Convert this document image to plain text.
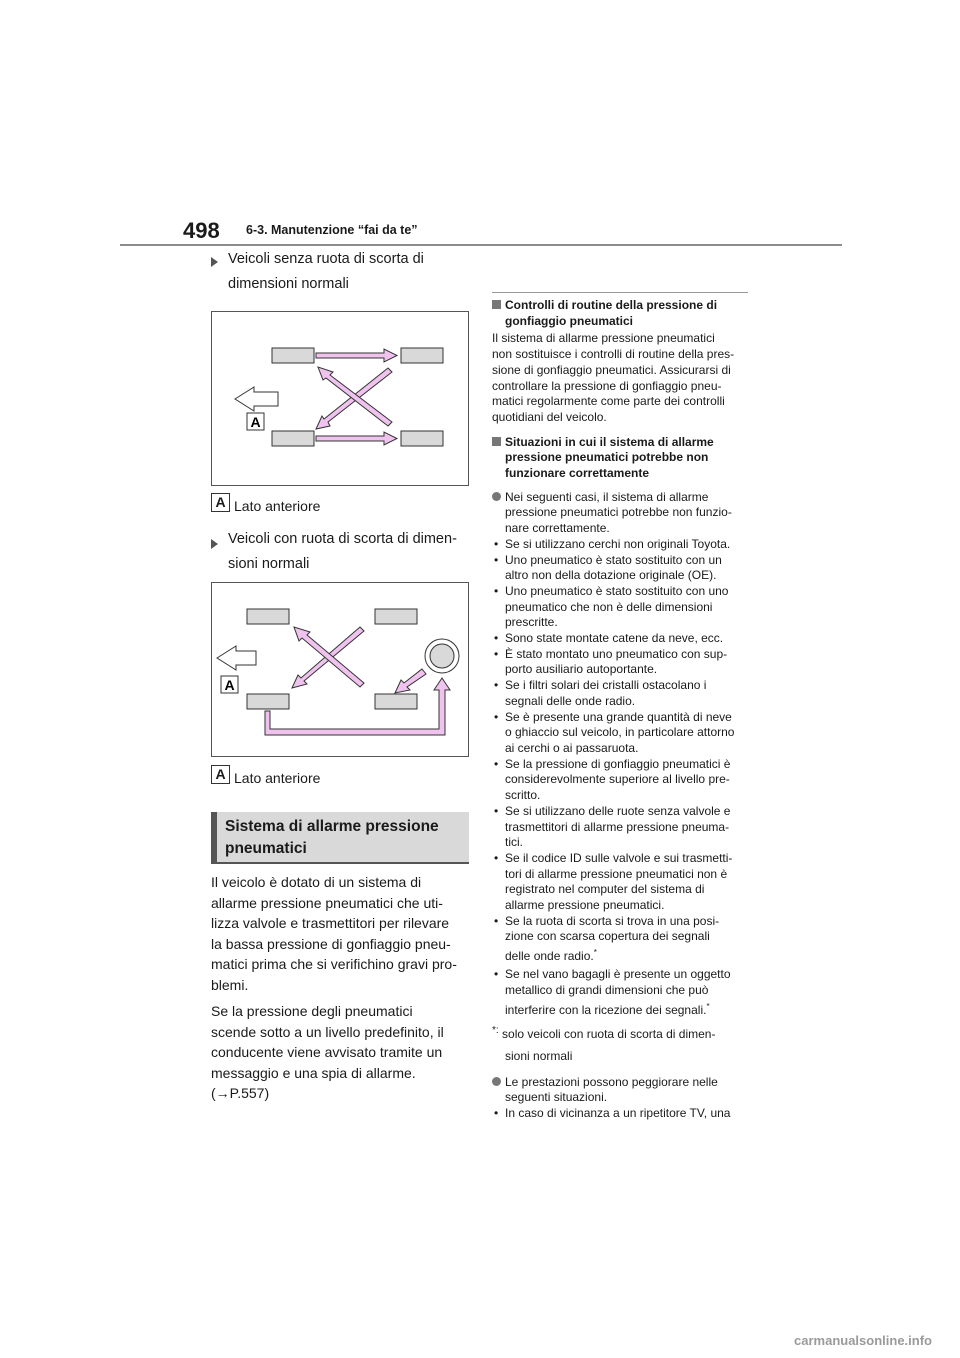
498 6-3. Manutenzione “fai da te”
Veicoli senza ruota di scorta di
dimensioni normali
A
A Lato anteriore
Veicoli con ruota di scorta di dimen-
sioni normali
A
A Lato anteriore
Sistema di allarme pressione
pneumatici

Il veicolo è dotato di un sistema di
allarme pressione pneumatici che uti-
lizza valvole e trasmettitori per rilevare
la bassa pressione di gonfiaggio pneu-
matici prima che si verifichino gravi pro-
blemi.

Se la pressione degli pneumatici
scende sotto a un livello predefinito, il
conducente viene avvisato tramite un
messaggio e una spia di allarme.
(→P.557)

Controlli di routine della pressione di
gonfiaggio pneumatici

Il sistema di allarme pressione pneumatici
non sostituisce i controlli di routine della pres-
sione di gonfiaggio pneumatici. Assicurarsi di
controllare la pressione di gonfiaggio pneu-
matici regolarmente come parte dei controlli
quotidiani del veicolo.

Situazioni in cui il sistema di allarme
pressione pneumatici potrebbe non
funzionare correttamente

Nei seguenti casi, il sistema di allarme
pressione pneumatici potrebbe non funzio-
nare correttamente.

• Se si utilizzano cerchi non originali Toyota.
• Uno pneumatico è stato sostituito con un
altro non della dotazione originale (OE).
• Uno pneumatico è stato sostituito con uno
pneumatico che non è delle dimensioni
prescritte.
• Sono state montate catene da neve, ecc.
• È stato montato uno pneumatico con sup-
porto ausiliario autoportante.
• Se i filtri solari dei cristalli ostacolano i
segnali delle onde radio.
• Se è presente una grande quantità di neve
o ghiaccio sul veicolo, in particolare attorno
ai cerchi o ai passaruota.
• Se la pressione di gonfiaggio pneumatici è
considerevolmente superiore al livello pre-
scritto.
• Se si utilizzano delle ruote senza valvole e
trasmettitori di allarme pressione pneuma-
tici.
• Se il codice ID sulle valvole e sui trasmetti-
tori di allarme pressione pneumatici non è
registrato nel computer del sistema di
allarme pressione pneumatici.
• Se la ruota di scorta si trova in una posi-
zione con scarsa copertura dei segnali
delle onde radio.*
• Se nel vano bagagli è presente un oggetto
metallico di grandi dimensioni che può
interferire con la ricezione dei segnali.*
*: solo veicoli con ruota di scorta di dimen-
sioni normali

Le prestazioni possono peggiorare nelle
seguenti situazioni.

• In caso di vicinanza a un ripetitore TV, una
carmanualsonline.info
